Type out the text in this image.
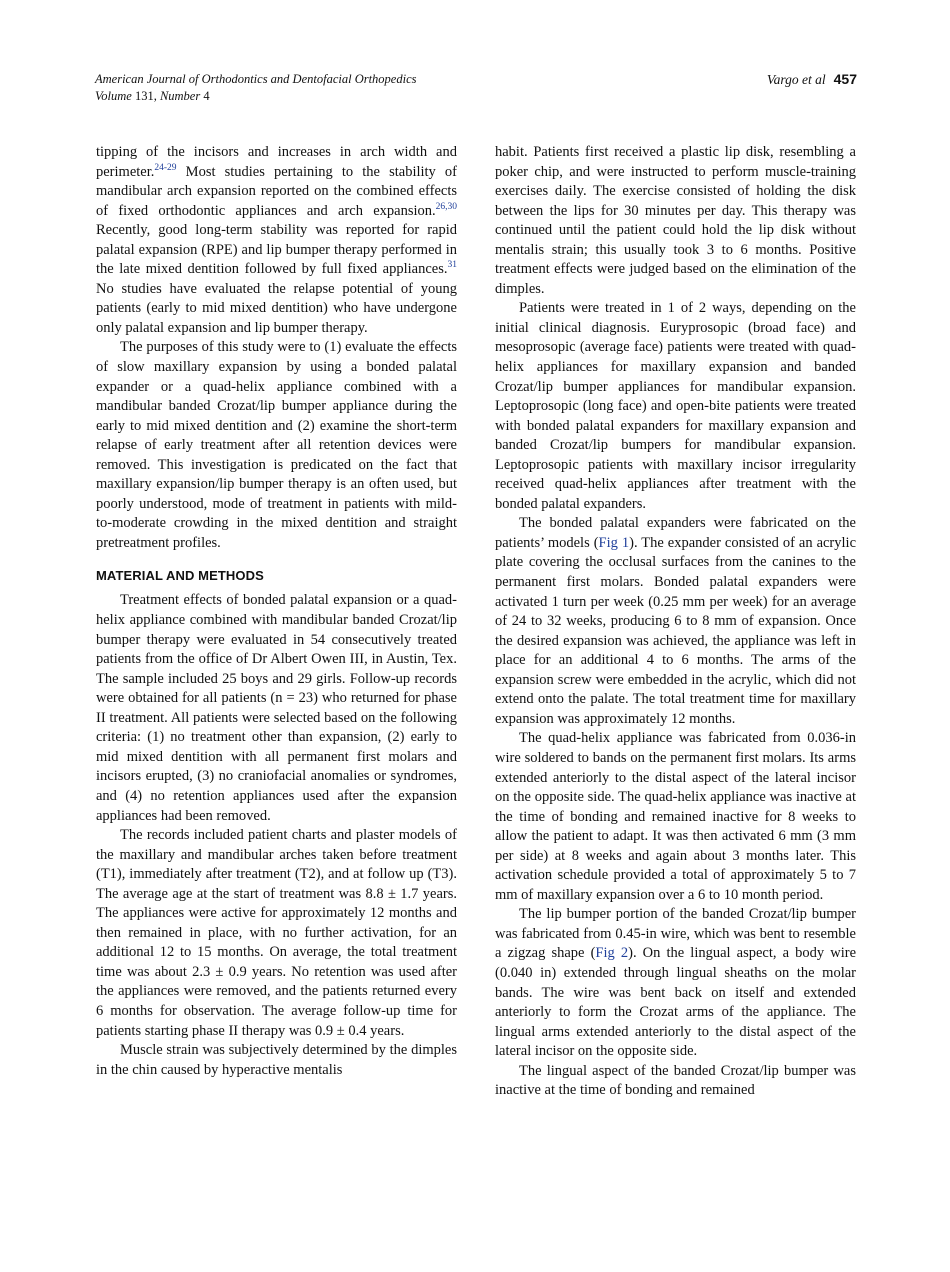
American Journal of Orthodontics and Dentofacial Orthopedics
Volume 131, Number 4
Vargo et al 457

tipping of the incisors and increases in arch width and perimeter.$^{24-29}$ Most studies pertaining to the stability of mandibular arch expansion reported on the combined effects of fixed orthodontic appliances and arch expansion.$^{26,30}$ Recently, good long-term stability was reported for rapid palatal expansion (RPE) and lip bumper therapy performed in the late mixed dentition followed by full fixed appliances.$^{31}$ No studies have evaluated the relapse potential of young patients (early to mid mixed dentition) who have undergone only palatal expansion and lip bumper therapy.

The purposes of this study were to (1) evaluate the effects of slow maxillary expansion by using a bonded palatal expander or a quad-helix appliance combined with a mandibular banded Crozat/lip bumper appliance during the early to mid mixed dentition and (2) examine the short-term relapse of early treatment after all retention devices were removed. This investigation is predicated on the fact that maxillary expansion/lip bumper therapy is an often used, but poorly understood, mode of treatment in patients with mild-to-moderate crowding in the mixed dentition and straight pretreatment profiles.

MATERIAL AND METHODS

Treatment effects of bonded palatal expansion or a quad-helix appliance combined with mandibular banded Crozat/lip bumper therapy were evaluated in 54 consecutively treated patients from the office of Dr Albert Owen III, in Austin, Tex. The sample included 25 boys and 29 girls. Follow-up records were obtained for all patients (n = 23) who returned for phase II treatment. All patients were selected based on the following criteria: (1) no treatment other than expansion, (2) early to mid mixed dentition with all permanent first molars and incisors erupted, (3) no craniofacial anomalies or syndromes, and (4) no retention appliances used after the expansion appliances had been removed.

The records included patient charts and plaster models of the maxillary and mandibular arches taken before treatment (T1), immediately after treatment (T2), and at follow up (T3). The average age at the start of treatment was 8.8 ± 1.7 years. The appliances were active for approximately 12 months and then remained in place, with no further activation, for an additional 12 to 15 months. On average, the total treatment time was about 2.3 ± 0.9 years. No retention was used after the appliances were removed, and the patients returned every 6 months for observation. The average follow-up time for patients starting phase II therapy was 0.9 ± 0.4 years.

Muscle strain was subjectively determined by the dimples in the chin caused by hyperactive mentalis

habit. Patients first received a plastic lip disk, resembling a poker chip, and were instructed to perform muscle-training exercises daily. The exercise consisted of holding the disk between the lips for 30 minutes per day. This therapy was continued until the patient could hold the lip disk without mentalis strain; this usually took 3 to 6 months. Positive treatment effects were judged based on the elimination of the dimples.

Patients were treated in 1 of 2 ways, depending on the initial clinical diagnosis. Euryprosopic (broad face) and mesoprosopic (average face) patients were treated with quad-helix appliances for maxillary expansion and banded Crozat/lip bumper appliances for mandibular expansion. Leptoprosopic (long face) and open-bite patients were treated with bonded palatal expanders for maxillary expansion and banded Crozat/lip bumpers for mandibular expansion. Leptoprosopic patients with maxillary incisor irregularity received quad-helix appliances after treatment with the bonded palatal expanders.

The bonded palatal expanders were fabricated on the patients’ models (Fig 1). The expander consisted of an acrylic plate covering the occlusal surfaces from the canines to the permanent first molars. Bonded palatal expanders were activated 1 turn per week (0.25 mm per week) for an average of 24 to 32 weeks, producing 6 to 8 mm of expansion. Once the desired expansion was achieved, the appliance was left in place for an additional 4 to 6 months. The arms of the expansion screw were embedded in the acrylic, which did not extend onto the palate. The total treatment time for maxillary expansion was approximately 12 months.

The quad-helix appliance was fabricated from 0.036-in wire soldered to bands on the permanent first molars. Its arms extended anteriorly to the distal aspect of the lateral incisor on the opposite side. The quad-helix appliance was inactive at the time of bonding and remained inactive for 8 weeks to allow the patient to adapt. It was then activated 6 mm (3 mm per side) at 8 weeks and again about 3 months later. This activation schedule provided a total of approximately 5 to 7 mm of maxillary expansion over a 6 to 10 month period.

The lip bumper portion of the banded Crozat/lip bumper was fabricated from 0.45-in wire, which was bent to resemble a zigzag shape (Fig 2). On the lingual aspect, a body wire (0.040 in) extended through lingual sheaths on the molar bands. The wire was bent back on itself and extended anteriorly to form the Crozat arms of the appliance. The lingual arms extended anteriorly to the distal aspect of the lateral incisor on the opposite side.

The lingual aspect of the banded Crozat/lip bumper was inactive at the time of bonding and remained
